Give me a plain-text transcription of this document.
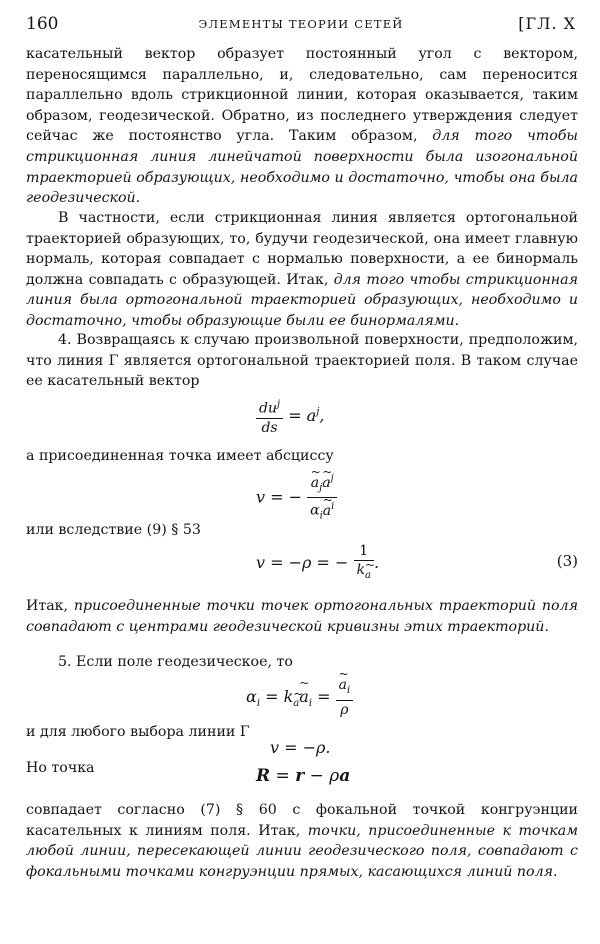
160	ЭЛЕМЕНТЫ ТЕОРИИ СЕТЕЙ	[ГЛ. X

касательный вектор образует постоянный угол с вектором, переносящимся параллельно, и, следовательно, сам переносится параллельно вдоль стрикционной линии, которая оказывается, таким образом, геодезической. Обратно, из последнего утверждения следует сейчас же постоянство угла. Таким образом, для того чтобы стрикционная линия линейчатой поверхности была изогональной траекторией образующих, необходимо и достаточно, чтобы она была геодезической.

В частности, если стрикционная линия является ортогональной траекторией образующих, то, будучи геодезической, она имеет главную нормаль, которая совпадает с нормалью поверхности, а ее бинормаль должна совпадать с образующей. Итак, для того чтобы стрикционная линия была ортогональной траекторией образующих, необходимо и достаточно, чтобы образующие были ее бинормалями.

4. Возвращаясь к случаю произвольной поверхности, предположим, что линия Γ является ортогональной траекторией поля. В таком случае ее касательный вектор

$\frac{du^j}{ds} = a^j$,

а присоединенная точка имеет абсциссу

v = − ~ $\frac{a_j\sim a^j}{\alpha_i\sim a^i}$

или вследствие (9) § 53

v = −ρ = − $\frac{1}{k\sim _a}$ .	(3)

Итак, присоединенные точки точек ортогональных траекторий поля совпадают с центрами геодезической кривизны этих траекторий.

5. Если поле геодезическое, то

$\alpha_i$ = k~ $_a$~ $a_i$ = ~ $\frac{a_i}{\rho}$

и для любого выбора линии Γ

v = −ρ.

Но точка	R = r − ρa

совпадает согласно (7) § 60 с фокальной точкой конгруэнции касательных к линиям поля. Итак, точки, присоединенные к точкам любой линии, пересекающей линии геодезического поля, совпадают с фокальными точками конгруэнции прямых, касающихся линий поля.
